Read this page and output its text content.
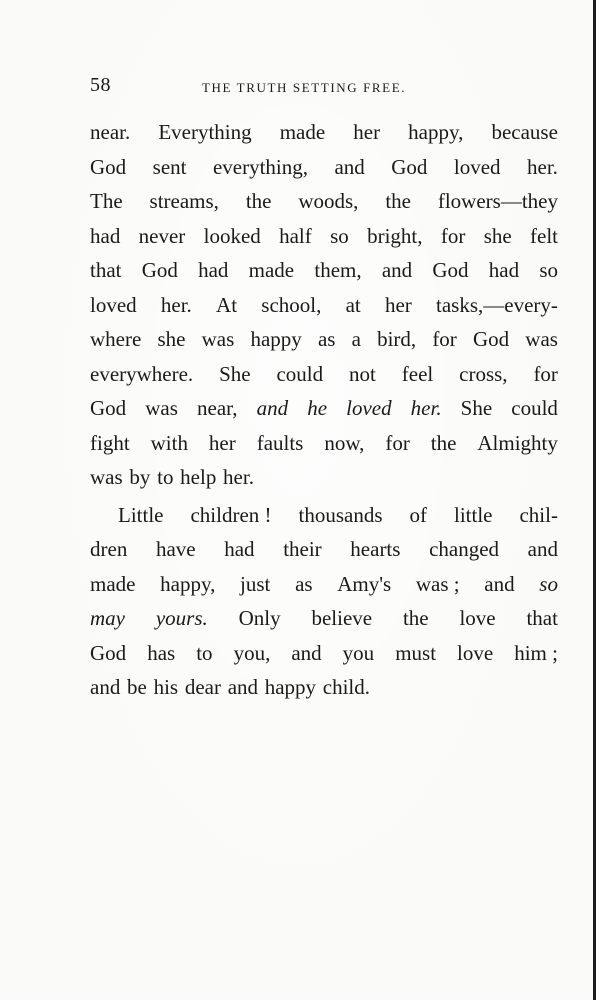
58	THE TRUTH SETTING FREE.
near. Everything made her happy, because
God sent everything, and God loved her.
The streams, the woods, the flowers—they
had never looked half so bright, for she felt
that God had made them, and God had so
loved her. At school, at her tasks,—every-
where she was happy as a bird, for God was
everywhere. She could not feel cross, for
God was near, and he loved her. She could
fight with her faults now, for the Almighty
was by to help her.
Little children ! thousands of little chil-
dren have had their hearts changed and
made happy, just as Amy's was ; and so
may yours. Only believe the love that
God has to you, and you must love him ;
and be his dear and happy child.
